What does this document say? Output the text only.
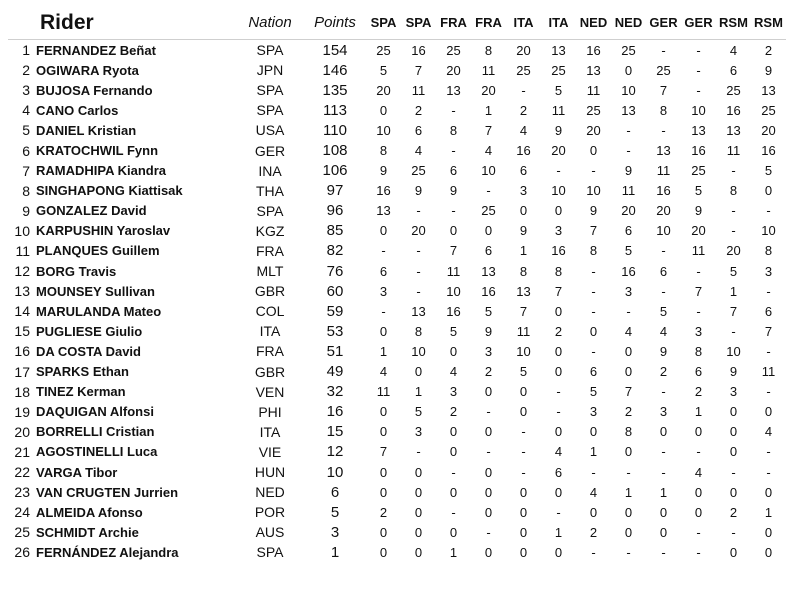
Rider		Nation	Points	SPA	SPA	FRA	FRA	ITA	ITA	NED	NED	GER	GER	RSM	RSM
1	FERNANDEZ Beñat	SPA	154	25	16	25	8	20	13	16	25	-	-	4	2
2	OGIWARA Ryota	JPN	146	5	7	20	11	25	25	13	0	25	-	6	9
3	BUJOSA Fernando	SPA	135	20	11	13	20	-	5	11	10	7	-	25	13
4	CANO Carlos	SPA	113	0	2	-	1	2	11	25	13	8	10	16	25
5	DANIEL Kristian	USA	110	10	6	8	7	4	9	20	-	-	13	13	20
6	KRATOCHWIL Fynn	GER	108	8	4	-	4	16	20	0	-	13	16	11	16
7	RAMADHIPA Kiandra	INA	106	9	25	6	10	6	-	-	9	11	25	-	5
8	SINGHAPONG Kiattisak	THA	97	16	9	9	-	3	10	10	11	16	5	8	0
9	GONZALEZ David	SPA	96	13	-	-	25	0	0	9	20	20	9	-	-
10	KARPUSHIN Yaroslav	KGZ	85	0	20	0	0	9	3	7	6	10	20	-	10
11	PLANQUES Guillem	FRA	82	-	-	7	6	1	16	8	5	-	11	20	8
12	BORG Travis	MLT	76	6	-	11	13	8	8	-	16	6	-	5	3
13	MOUNSEY Sullivan	GBR	60	3	-	10	16	13	7	-	3	-	7	1	-
14	MARULANDA Mateo	COL	59	-	13	16	5	7	0	-	-	5	-	7	6
15	PUGLIESE Giulio	ITA	53	0	8	5	9	11	2	0	4	4	3	-	7
16	DA COSTA David	FRA	51	1	10	0	3	10	0	-	0	9	8	10	-
17	SPARKS Ethan	GBR	49	4	0	4	2	5	0	6	0	2	6	9	11
18	TINEZ Kerman	VEN	32	11	1	3	0	0	-	5	7	-	2	3	-
19	DAQUIGAN Alfonsi	PHI	16	0	5	2	-	0	-	3	2	3	1	0	0
20	BORRELLI Cristian	ITA	15	0	3	0	0	-	0	0	8	0	0	0	4
21	AGOSTINELLI Luca	VIE	12	7	-	0	-	-	4	1	0	-	-	0	-
22	VARGA Tibor	HUN	10	0	0	-	0	-	6	-	-	-	4	-	-
23	VAN CRUGTEN Jurrien	NED	6	0	0	0	0	0	0	4	1	1	0	0	0
24	ALMEIDA Afonso	POR	5	2	0	-	0	0	-	0	0	0	0	2	1
25	SCHMIDT Archie	AUS	3	0	0	0	-	0	1	2	0	0	-	-	0
26	FERNÁNDEZ Alejandra	SPA	1	0	0	1	0	0	0	-	-	-	-	0	0
